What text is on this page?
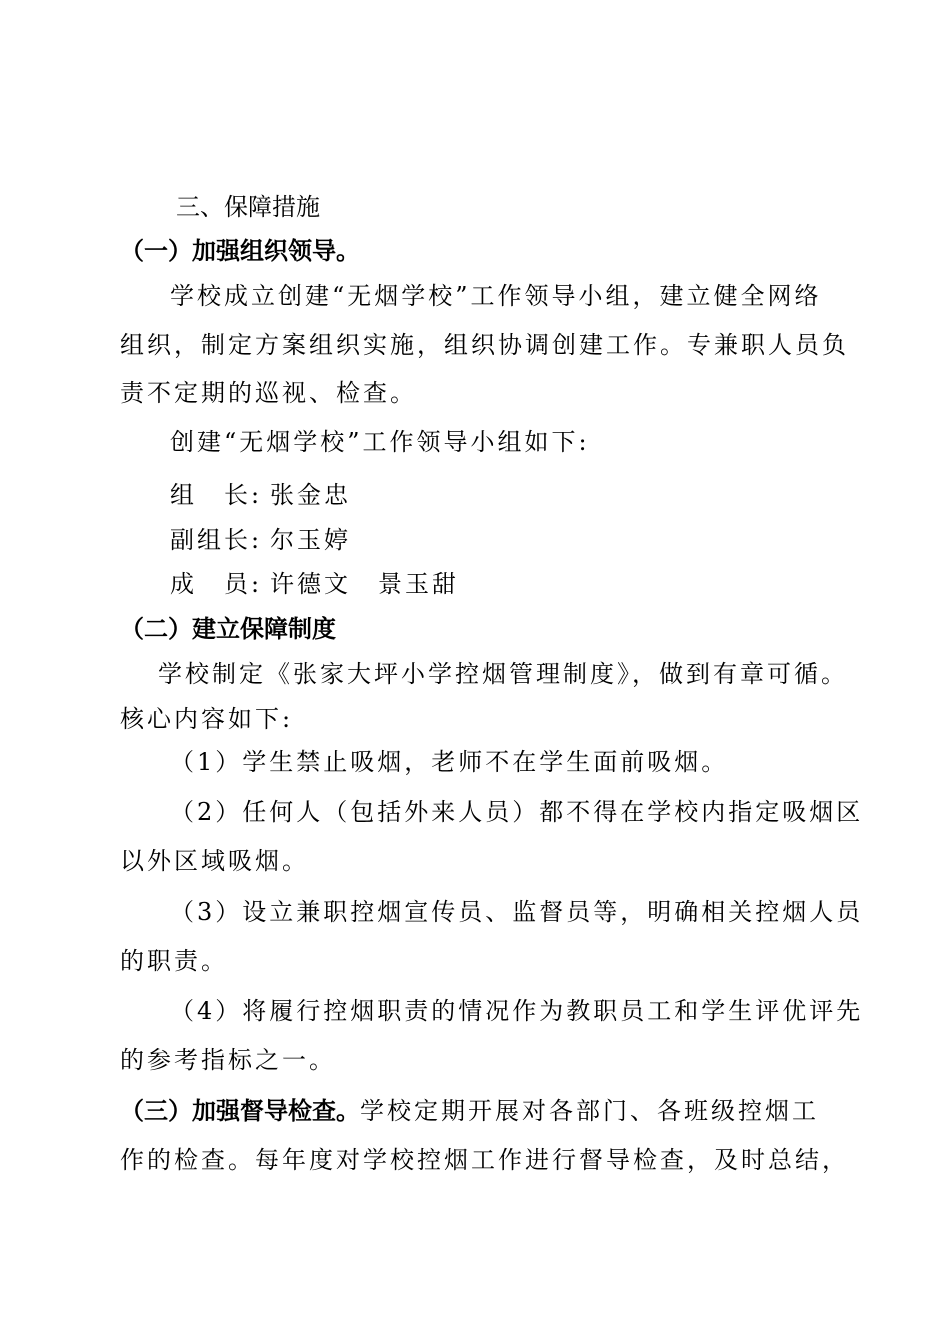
三、保障措施
（一）加强组织领导。
学校成立创建“无烟学校”工作领导小组，建立健全网络
组织，制定方案组织实施，组织协调创建工作。专兼职人员负
责不定期的巡视、检查。
创建“无烟学校”工作领导小组如下:
组　长: 张金忠
副组长: 尔玉婷
成　员: 许德文　景玉甜
（二）建立保障制度
学校制定《张家大坪小学控烟管理制度》，做到有章可循。
核心内容如下:
（1）学生禁止吸烟，老师不在学生面前吸烟。
（2）任何人（包括外来人员）都不得在学校内指定吸烟区
以外区域吸烟。
（3）设立兼职控烟宣传员、监督员等，明确相关控烟人员
的职责。
（4）将履行控烟职责的情况作为教职员工和学生评优评先
的参考指标之一。
（三）加强督导检查。学校定期开展对各部门、各班级控烟工
作的检查。每年度对学校控烟工作进行督导检查，及时总结，
